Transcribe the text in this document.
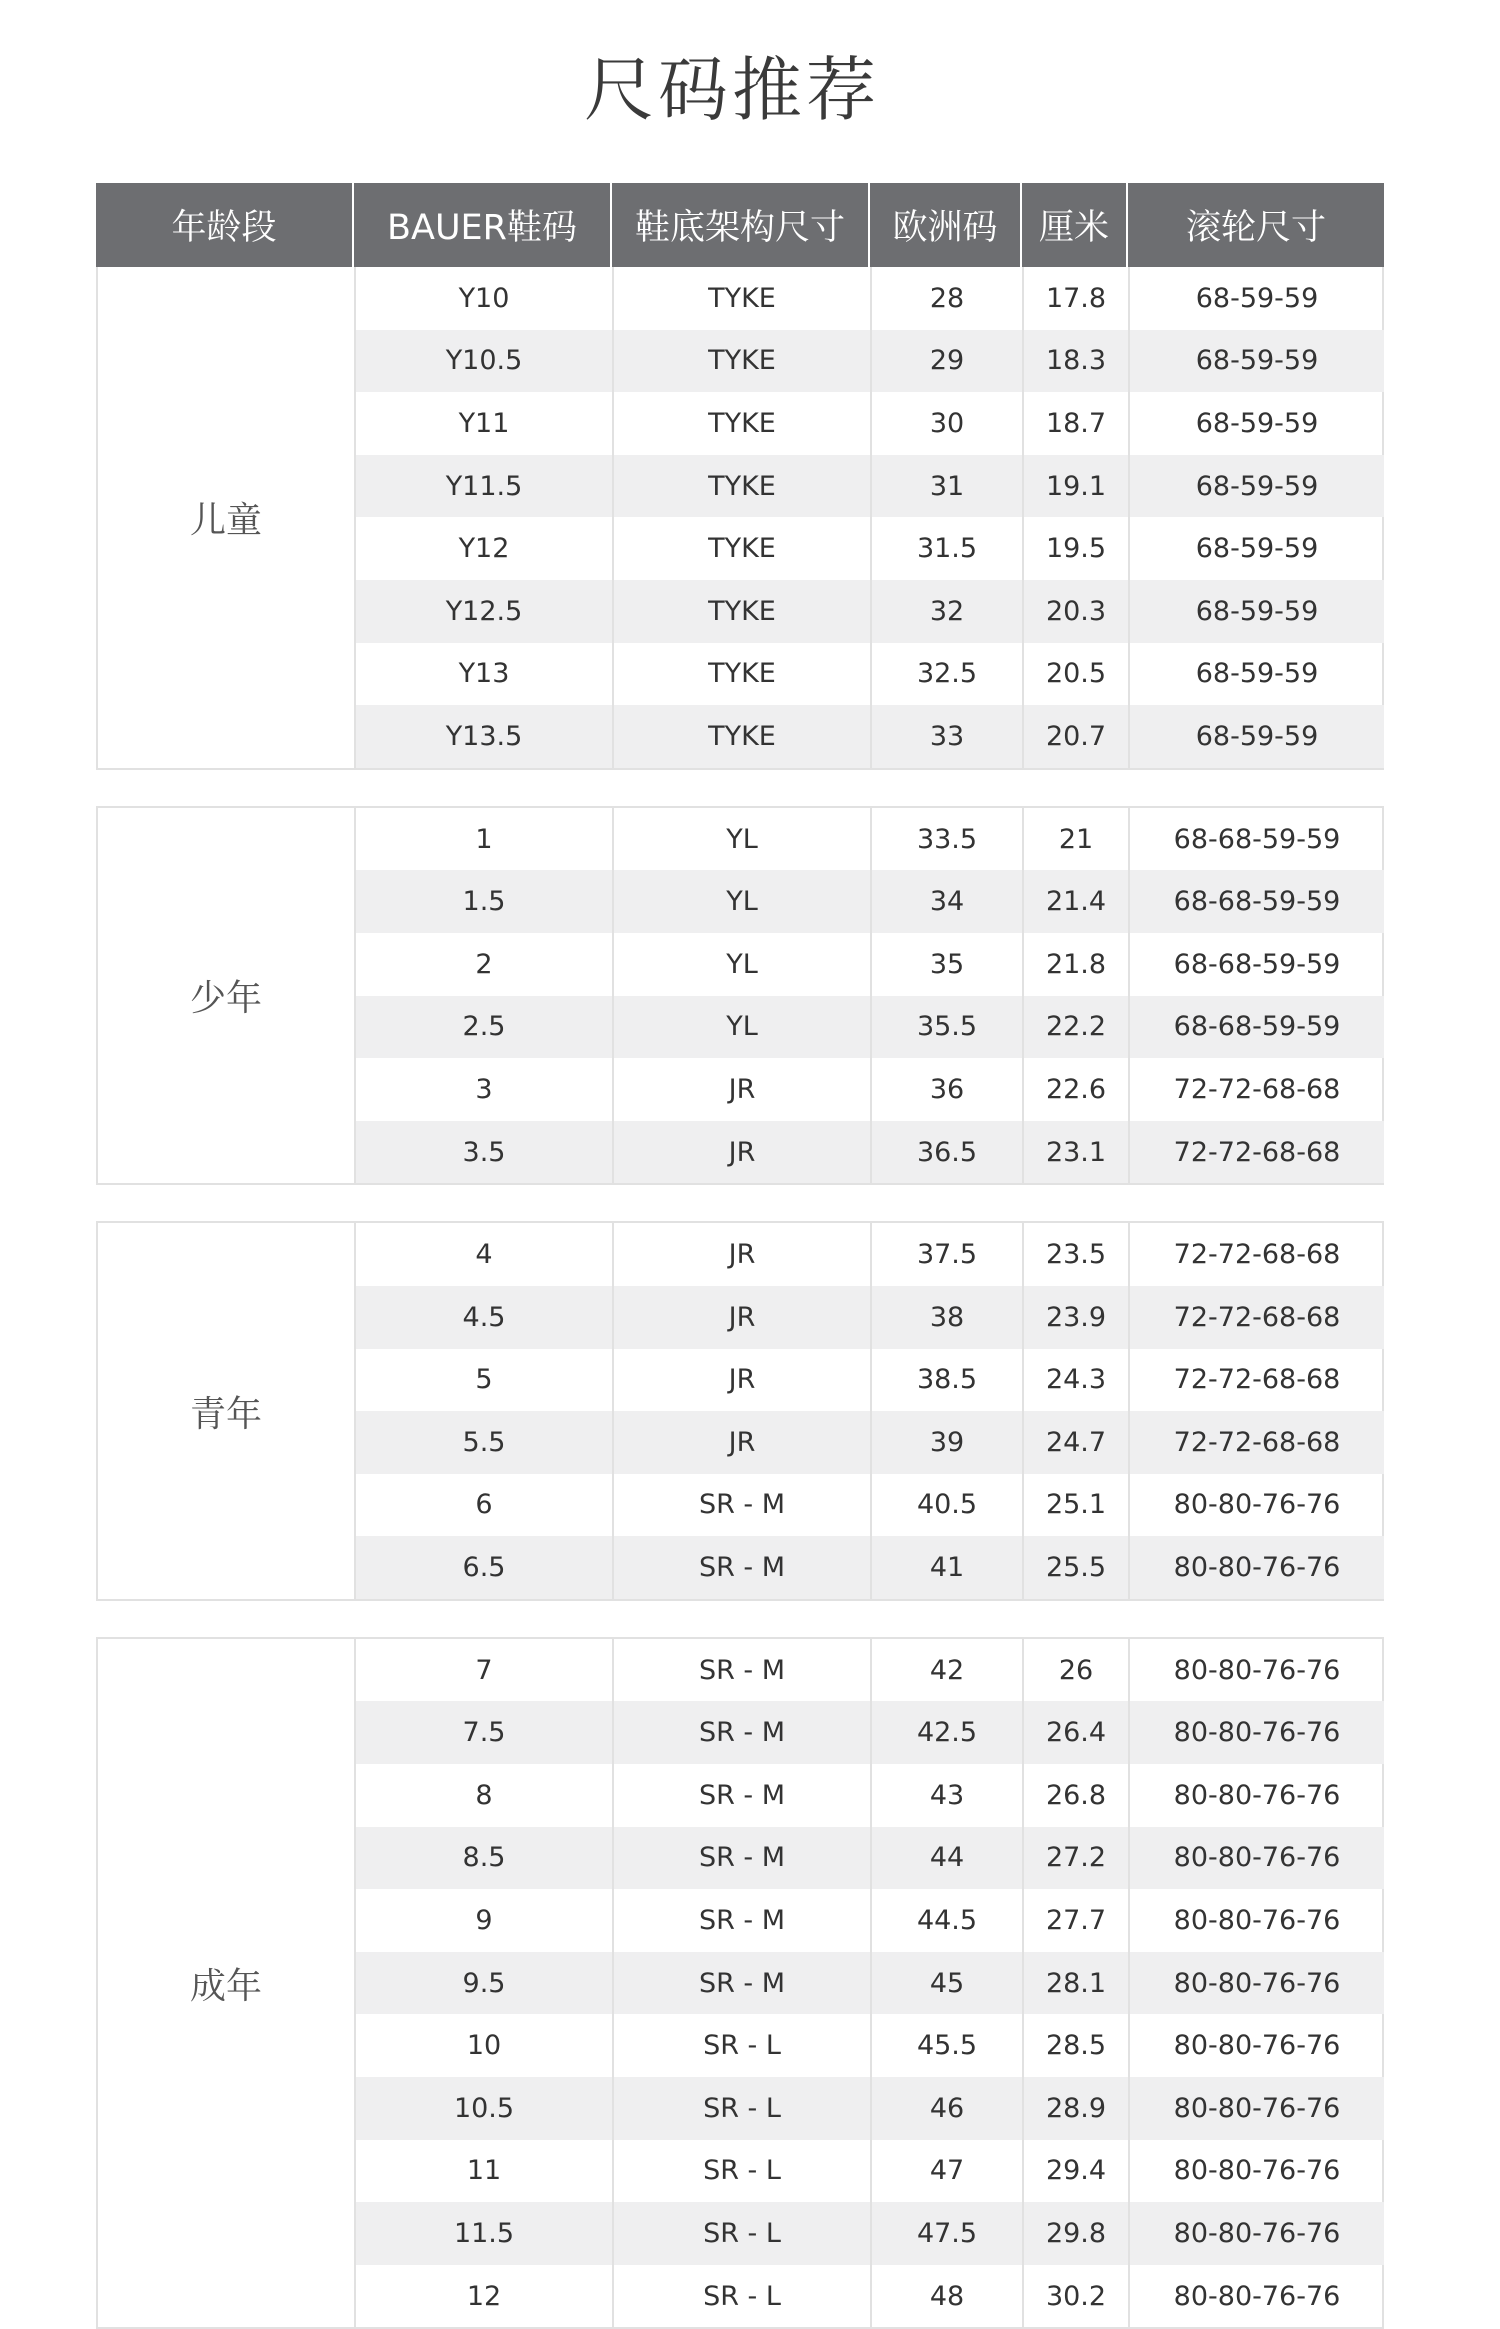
尺码推荐
年龄段	BAUER鞋码	鞋底架构尺寸	欧洲码	厘米	滚轮尺寸
儿童
Y10	TYKE	28	17.8	68-59-59
Y10.5	TYKE	29	18.3	68-59-59
Y11	TYKE	30	18.7	68-59-59
Y11.5	TYKE	31	19.1	68-59-59
Y12	TYKE	31.5	19.5	68-59-59
Y12.5	TYKE	32	20.3	68-59-59
Y13	TYKE	32.5	20.5	68-59-59
Y13.5	TYKE	33	20.7	68-59-59
少年
1	YL	33.5	21	68-68-59-59
1.5	YL	34	21.4	68-68-59-59
2	YL	35	21.8	68-68-59-59
2.5	YL	35.5	22.2	68-68-59-59
3	JR	36	22.6	72-72-68-68
3.5	JR	36.5	23.1	72-72-68-68
青年
4	JR	37.5	23.5	72-72-68-68
4.5	JR	38	23.9	72-72-68-68
5	JR	38.5	24.3	72-72-68-68
5.5	JR	39	24.7	72-72-68-68
6	SR - M	40.5	25.1	80-80-76-76
6.5	SR - M	41	25.5	80-80-76-76
成年
7	SR - M	42	26	80-80-76-76
7.5	SR - M	42.5	26.4	80-80-76-76
8	SR - M	43	26.8	80-80-76-76
8.5	SR - M	44	27.2	80-80-76-76
9	SR - M	44.5	27.7	80-80-76-76
9.5	SR - M	45	28.1	80-80-76-76
10	SR - L	45.5	28.5	80-80-76-76
10.5	SR - L	46	28.9	80-80-76-76
11	SR - L	47	29.4	80-80-76-76
11.5	SR - L	47.5	29.8	80-80-76-76
12	SR - L	48	30.2	80-80-76-76
